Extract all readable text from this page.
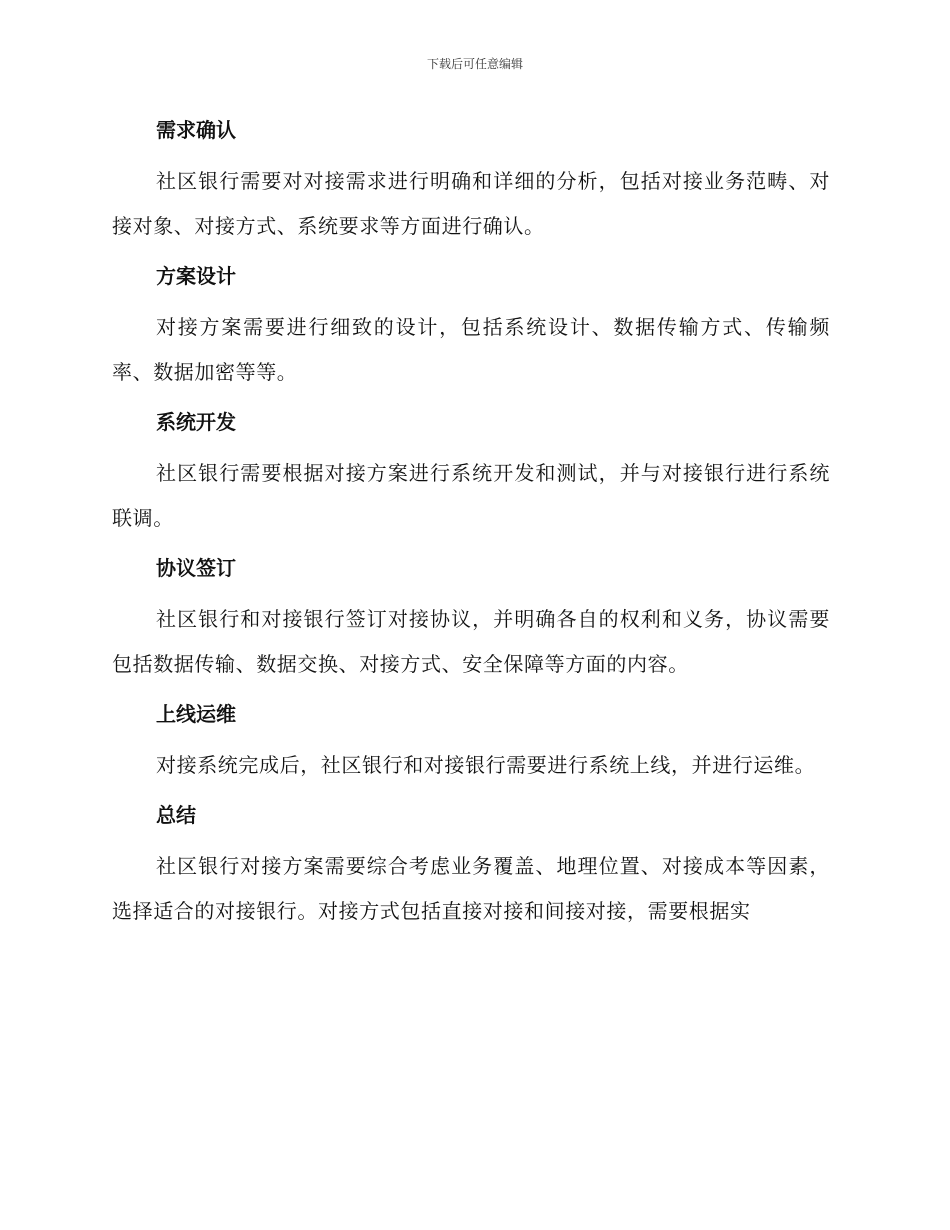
下载后可任意编辑
需求确认

社区银行需要对对接需求进行明确和详细的分析，包括对接业务范畴、对接对象、对接方式、系统要求等方面进行确认。

方案设计

对接方案需要进行细致的设计，包括系统设计、数据传输方式、传输频率、数据加密等等。

系统开发

社区银行需要根据对接方案进行系统开发和测试，并与对接银行进行系统联调。

协议签订

社区银行和对接银行签订对接协议，并明确各自的权利和义务，协议需要包括数据传输、数据交换、对接方式、安全保障等方面的内容。

上线运维

对接系统完成后，社区银行和对接银行需要进行系统上线，并进行运维。

总结

社区银行对接方案需要综合考虑业务覆盖、地理位置、对接成本等因素，选择适合的对接银行。对接方式包括直接对接和间接对接，需要根据实
